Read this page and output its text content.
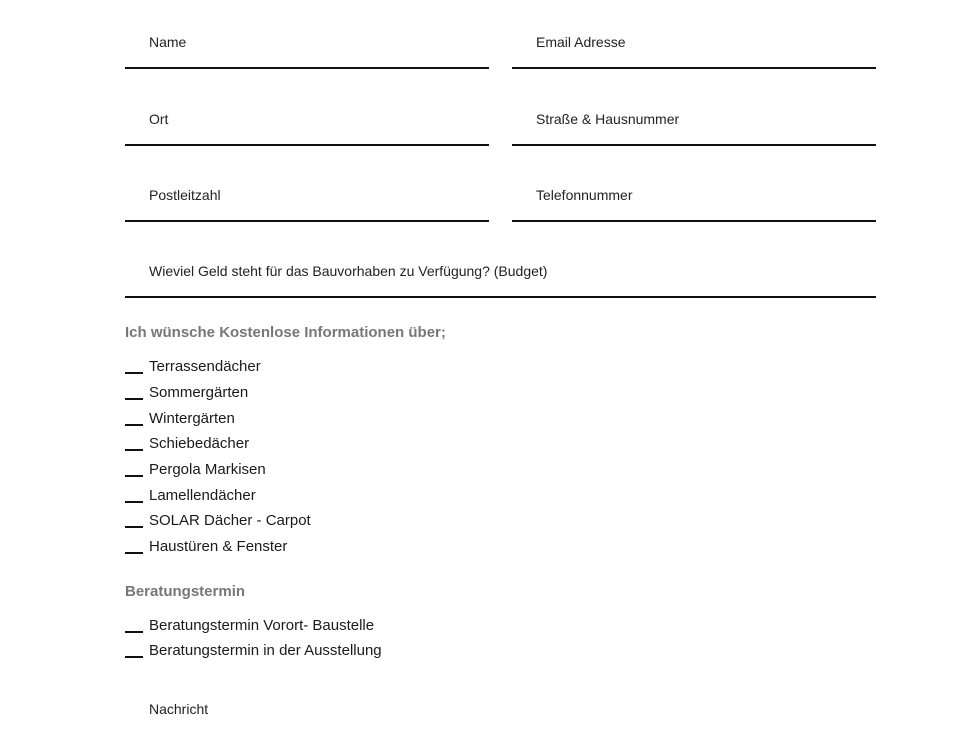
Name	Email Adresse
Ort	Straße & Hausnummer
Postleitzahl	Telefonnummer
Wieviel Geld steht für das Bauvorhaben zu Verfügung? (Budget)
Ich wünsche Kostenlose Informationen über;
Terrassendächer
Sommergärten
Wintergärten
Schiebedächer
Pergola Markisen
Lamellendächer
SOLAR Dächer - Carpot
Haustüren & Fenster
Beratungstermin
Beratungstermin Vorort- Baustelle
Beratungstermin in der Ausstellung
Nachricht
